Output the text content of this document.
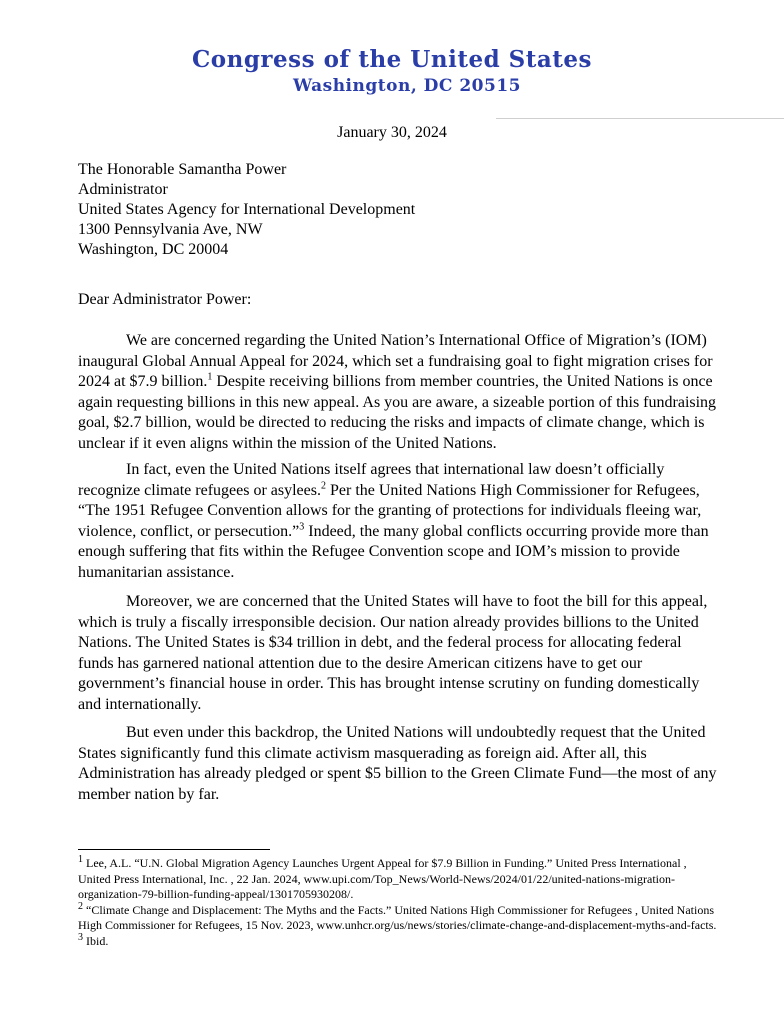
Congress of the United States
Washington, DC 20515
January 30, 2024
The Honorable Samantha Power
Administrator
United States Agency for International Development
1300 Pennsylvania Ave, NW
Washington, DC 20004
Dear Administrator Power:
We are concerned regarding the United Nation’s International Office of Migration’s (IOM) inaugural Global Annual Appeal for 2024, which set a fundraising goal to fight migration crises for 2024 at $7.9 billion.$^1$ Despite receiving billions from member countries, the United Nations is once again requesting billions in this new appeal. As you are aware, a sizeable portion of this fundraising goal, $2.7 billion, would be directed to reducing the risks and impacts of climate change, which is unclear if it even aligns within the mission of the United Nations.
In fact, even the United Nations itself agrees that international law doesn’t officially recognize climate refugees or asylees.$^2$ Per the United Nations High Commissioner for Refugees, “The 1951 Refugee Convention allows for the granting of protections for individuals fleeing war, violence, conflict, or persecution.”$^3$ Indeed, the many global conflicts occurring provide more than enough suffering that fits within the Refugee Convention scope and IOM’s mission to provide humanitarian assistance.
Moreover, we are concerned that the United States will have to foot the bill for this appeal, which is truly a fiscally irresponsible decision. Our nation already provides billions to the United Nations. The United States is $34 trillion in debt, and the federal process for allocating federal funds has garnered national attention due to the desire American citizens have to get our government’s financial house in order. This has brought intense scrutiny on funding domestically and internationally.
But even under this backdrop, the United Nations will undoubtedly request that the United States significantly fund this climate activism masquerading as foreign aid. After all, this Administration has already pledged or spent $5 billion to the Green Climate Fund—the most of any member nation by far.

$^1$ Lee, A.L. “U.N. Global Migration Agency Launches Urgent Appeal for $7.9 Billion in Funding.” United Press International , United Press International, Inc. , 22 Jan. 2024, www.upi.com/Top_News/World-News/2024/01/22/united-nations-migration-organization-79-billion-funding-appeal/1301705930208/.

$^2$ “Climate Change and Displacement: The Myths and the Facts.” United Nations High Commissioner for Refugees , United Nations High Commissioner for Refugees, 15 Nov. 2023, www.unhcr.org/us/news/stories/climate-change-and-displacement-myths-and-facts.

$^3$ Ibid.
